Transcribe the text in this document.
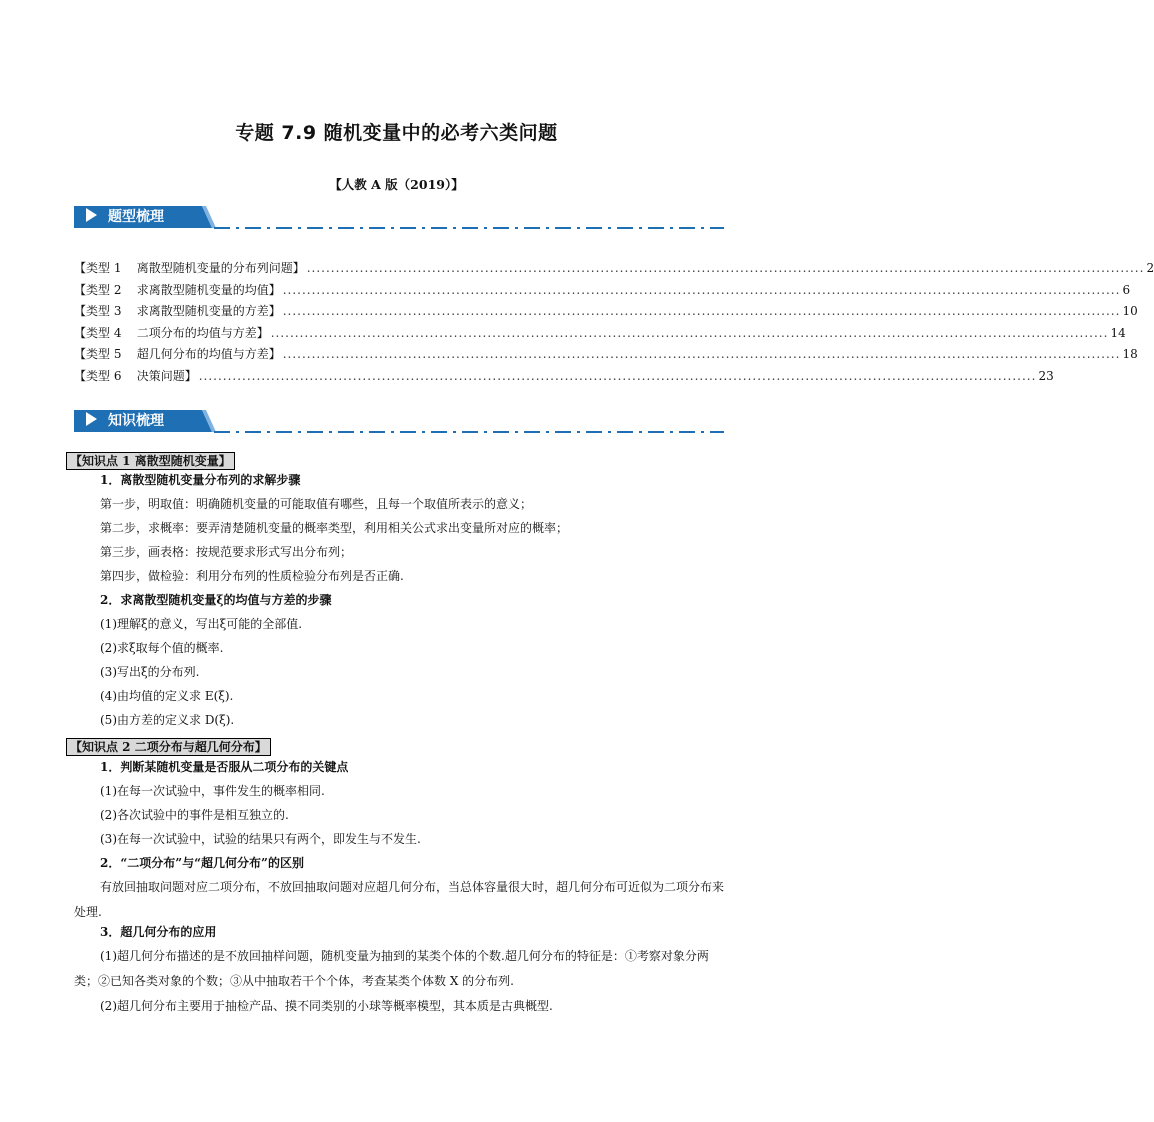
专题 7.9 随机变量中的必考六类问题
【人教 A 版（2019）】
题型梳理
【类型 1    离散型随机变量的分布列问题】 .............................................................................................................................................................................. 2
【类型 2    求离散型随机变量的均值】 .............................................................................................................................................................................. 6
【类型 3    求离散型随机变量的方差】 .............................................................................................................................................................................. 10
【类型 4    二项分布的均值与方差】 .............................................................................................................................................................................. 14
【类型 5    超几何分布的均值与方差】 .............................................................................................................................................................................. 18
【类型 6    决策问题】 .............................................................................................................................................................................. 23
知识梳理
【知识点 1 离散型随机变量】
1．离散型随机变量分布列的求解步骤
第一步，明取值：明确随机变量的可能取值有哪些，且每一个取值所表示的意义；
第二步，求概率：要弄清楚随机变量的概率类型，利用相关公式求出变量所对应的概率；
第三步，画表格：按规范要求形式写出分布列；
第四步，做检验：利用分布列的性质检验分布列是否正确.
2．求离散型随机变量ξ的均值与方差的步骤
(1)理解ξ的意义，写出ξ可能的全部值.
(2)求ξ取每个值的概率.
(3)写出ξ的分布列.
(4)由均值的定义求 E(ξ).
(5)由方差的定义求 D(ξ).
【知识点 2 二项分布与超几何分布】
1．判断某随机变量是否服从二项分布的关键点
(1)在每一次试验中，事件发生的概率相同.
(2)各次试验中的事件是相互独立的.
(3)在每一次试验中，试验的结果只有两个，即发生与不发生.
2．“二项分布”与“超几何分布”的区别
有放回抽取问题对应二项分布，不放回抽取问题对应超几何分布，当总体容量很大时，超几何分布可近似为二项分布来处理.
3．超几何分布的应用
(1)超几何分布描述的是不放回抽样问题，随机变量为抽到的某类个体的个数.超几何分布的特征是：①考察对象分两类；②已知各类对象的个数；③从中抽取若干个个体，考查某类个体数 X 的分布列.
(2)超几何分布主要用于抽检产品、摸不同类别的小球等概率模型，其本质是古典概型.
